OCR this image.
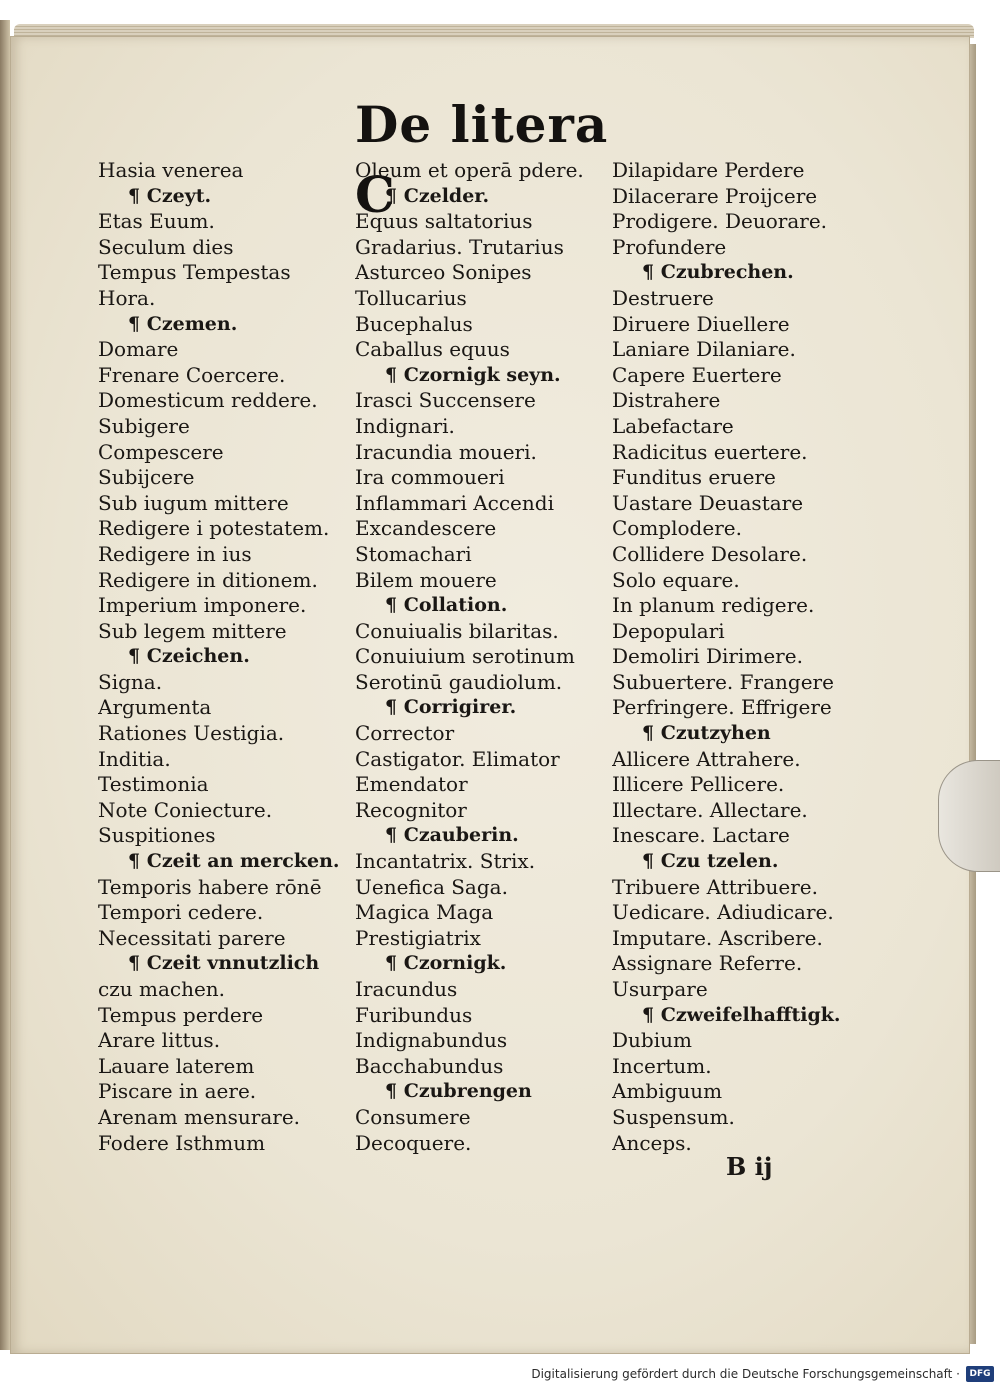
De litera C
Hasia venerea
¶ Czeyt.
Etas Euum.
Seculum dies
Tempus Tempestas
Hora.
¶ Czemen.
Domare
Frenare Coercere.
Domesticum reddere.
Subigere
Compescere
Subijcere
Sub iugum mittere
Redigere i potestatem.
Redigere in ius
Redigere in ditionem.
Imperium imponere.
Sub legem mittere
¶ Czeichen.
Signa.
Argumenta
Rationes Uestigia.
Inditia.
Testimonia
Note Coniecture.
Suspitiones
¶ Czeit an mercken.
Temporis habere rōnē
Tempori cedere.
Necessitati parere
¶ Czeit vnnutzlich
czu machen.
Tempus perdere
Arare littus.
Lauare laterem
Piscare in aere.
Arenam mensurare.
Fodere Isthmum
Oleum et operā pdere.
¶ Czelder.
Equus saltatorius
Gradarius. Trutarius
Asturceo Sonipes
Tollucarius
Bucephalus
Caballus equus
¶ Czornigk seyn.
Irasci Succensere
Indignari.
Iracundia moueri.
Ira commoueri
Inflammari Accendi
Excandescere
Stomachari
Bilem mouere
¶ Collation.
Conuiualis bilaritas.
Conuiuium serotinum
Serotinū gaudiolum.
¶ Corrigirer.
Corrector
Castigator. Elimator
Emendator
Recognitor
¶ Czauberin.
Incantatrix. Strix.
Uenefica Saga.
Magica Maga
Prestigiatrix
¶ Czornigk.
Iracundus
Furibundus
Indignabundus
Bacchabundus
¶ Czubrengen
Consumere
Decoquere.
Dilapidare Perdere
Dilacerare Proijcere
Prodigere. Deuorare.
Profundere
¶ Czubrechen.
Destruere
Diruere Diuellere
Laniare Dilaniare.
Capere Euertere
Distrahere
Labefactare
Radicitus euertere.
Funditus eruere
Uastare Deuastare
Complodere.
Collidere Desolare.
Solo equare.
In planum redigere.
Depopulari
Demoliri Dirimere.
Subuertere. Frangere
Perfringere. Effrigere
¶ Czutzyhen
Allicere Attrahere.
Illicere Pellicere.
Illectare. Allectare.
Inescare. Lactare
¶ Czu tzelen.
Tribuere Attribuere.
Uedicare. Adiudicare.
Imputare. Ascribere.
Assignare Referre.
Usurpare
¶ Czweifelhafftigk.
Dubium
Incertum.
Ambiguum
Suspensum.
Anceps.
B ij
Digitalisierung gefördert durch die Deutsche Forschungsgemeinschaft ·	DFG
